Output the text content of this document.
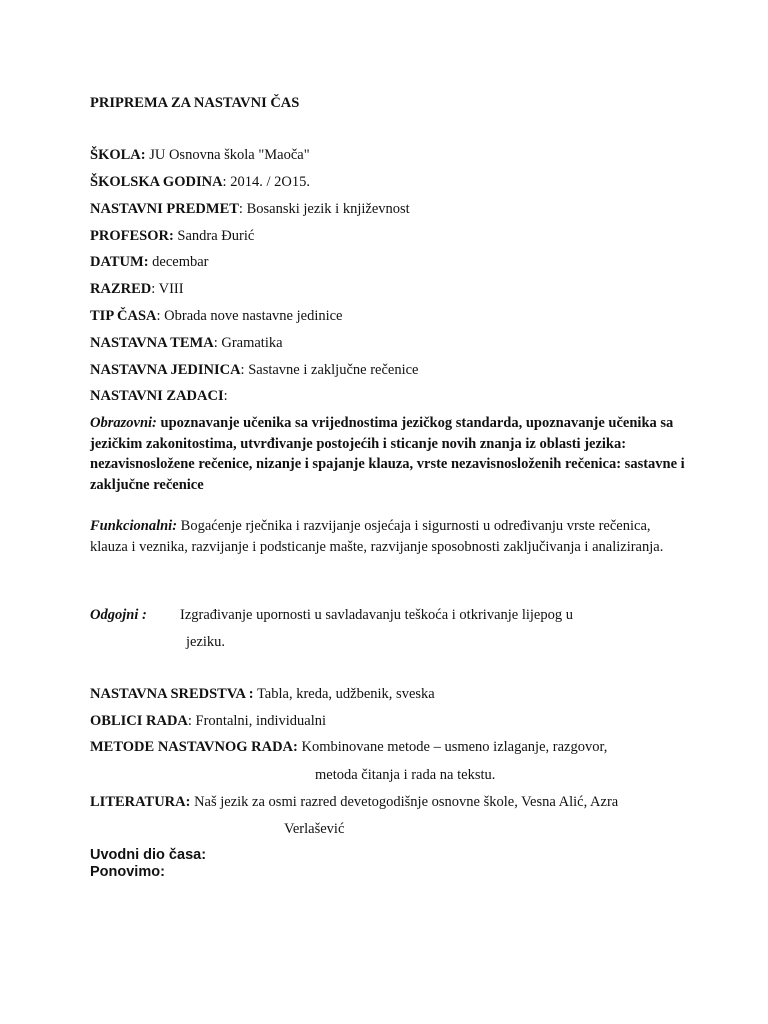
PRIPREMA ZA NASTAVNI ČAS
ŠKOLA: JU Osnovna škola "Maoča"
ŠKOLSKA GODINA: 2014. / 2O15.
NASTAVNI PREDMET: Bosanski jezik i književnost
PROFESOR: Sandra Đurić
DATUM: decembar
RAZRED: VIII
TIP ČASA: Obrada nove nastavne jedinice
NASTAVNA TEMA: Gramatika
NASTAVNA JEDINICA: Sastavne i zaključne rečenice
NASTAVNI ZADACI:
Obrazovni: upoznavanje učenika sa vrijednostima jezičkog standarda, upoznavanje učenika sa jezičkim zakonitostima, utvrđivanje postojećih i sticanje novih znanja iz oblasti jezika: nezavisnosložene rečenice, nizanje i spajanje klauza, vrste nezavisnosloženih rečenica: sastavne i zaključne rečenice
Funkcionalni: Bogaćenje rječnika i razvijanje osjećaja i sigurnosti u određivanju vrste rečenica, klauza i veznika, razvijanje i podsticanje mašte, razvijanje sposobnosti zaključivanja i analiziranja.
Odgojni : Izgrađivanje upornosti u savladavanju teškoća i otkrivanje lijepog u
jeziku.
NASTAVNA SREDSTVA : Tabla, kreda, udžbenik, sveska
OBLICI RADA: Frontalni, individualni
METODE NASTAVNOG RADA: Kombinovane metode – usmeno izlaganje, razgovor,
metoda čitanja i rada na tekstu.
LITERATURA: Naš jezik za osmi razred devetogodišnje osnovne škole, Vesna Alić, Azra
Verlašević
Uvodni dio časa:
Ponovimo:
